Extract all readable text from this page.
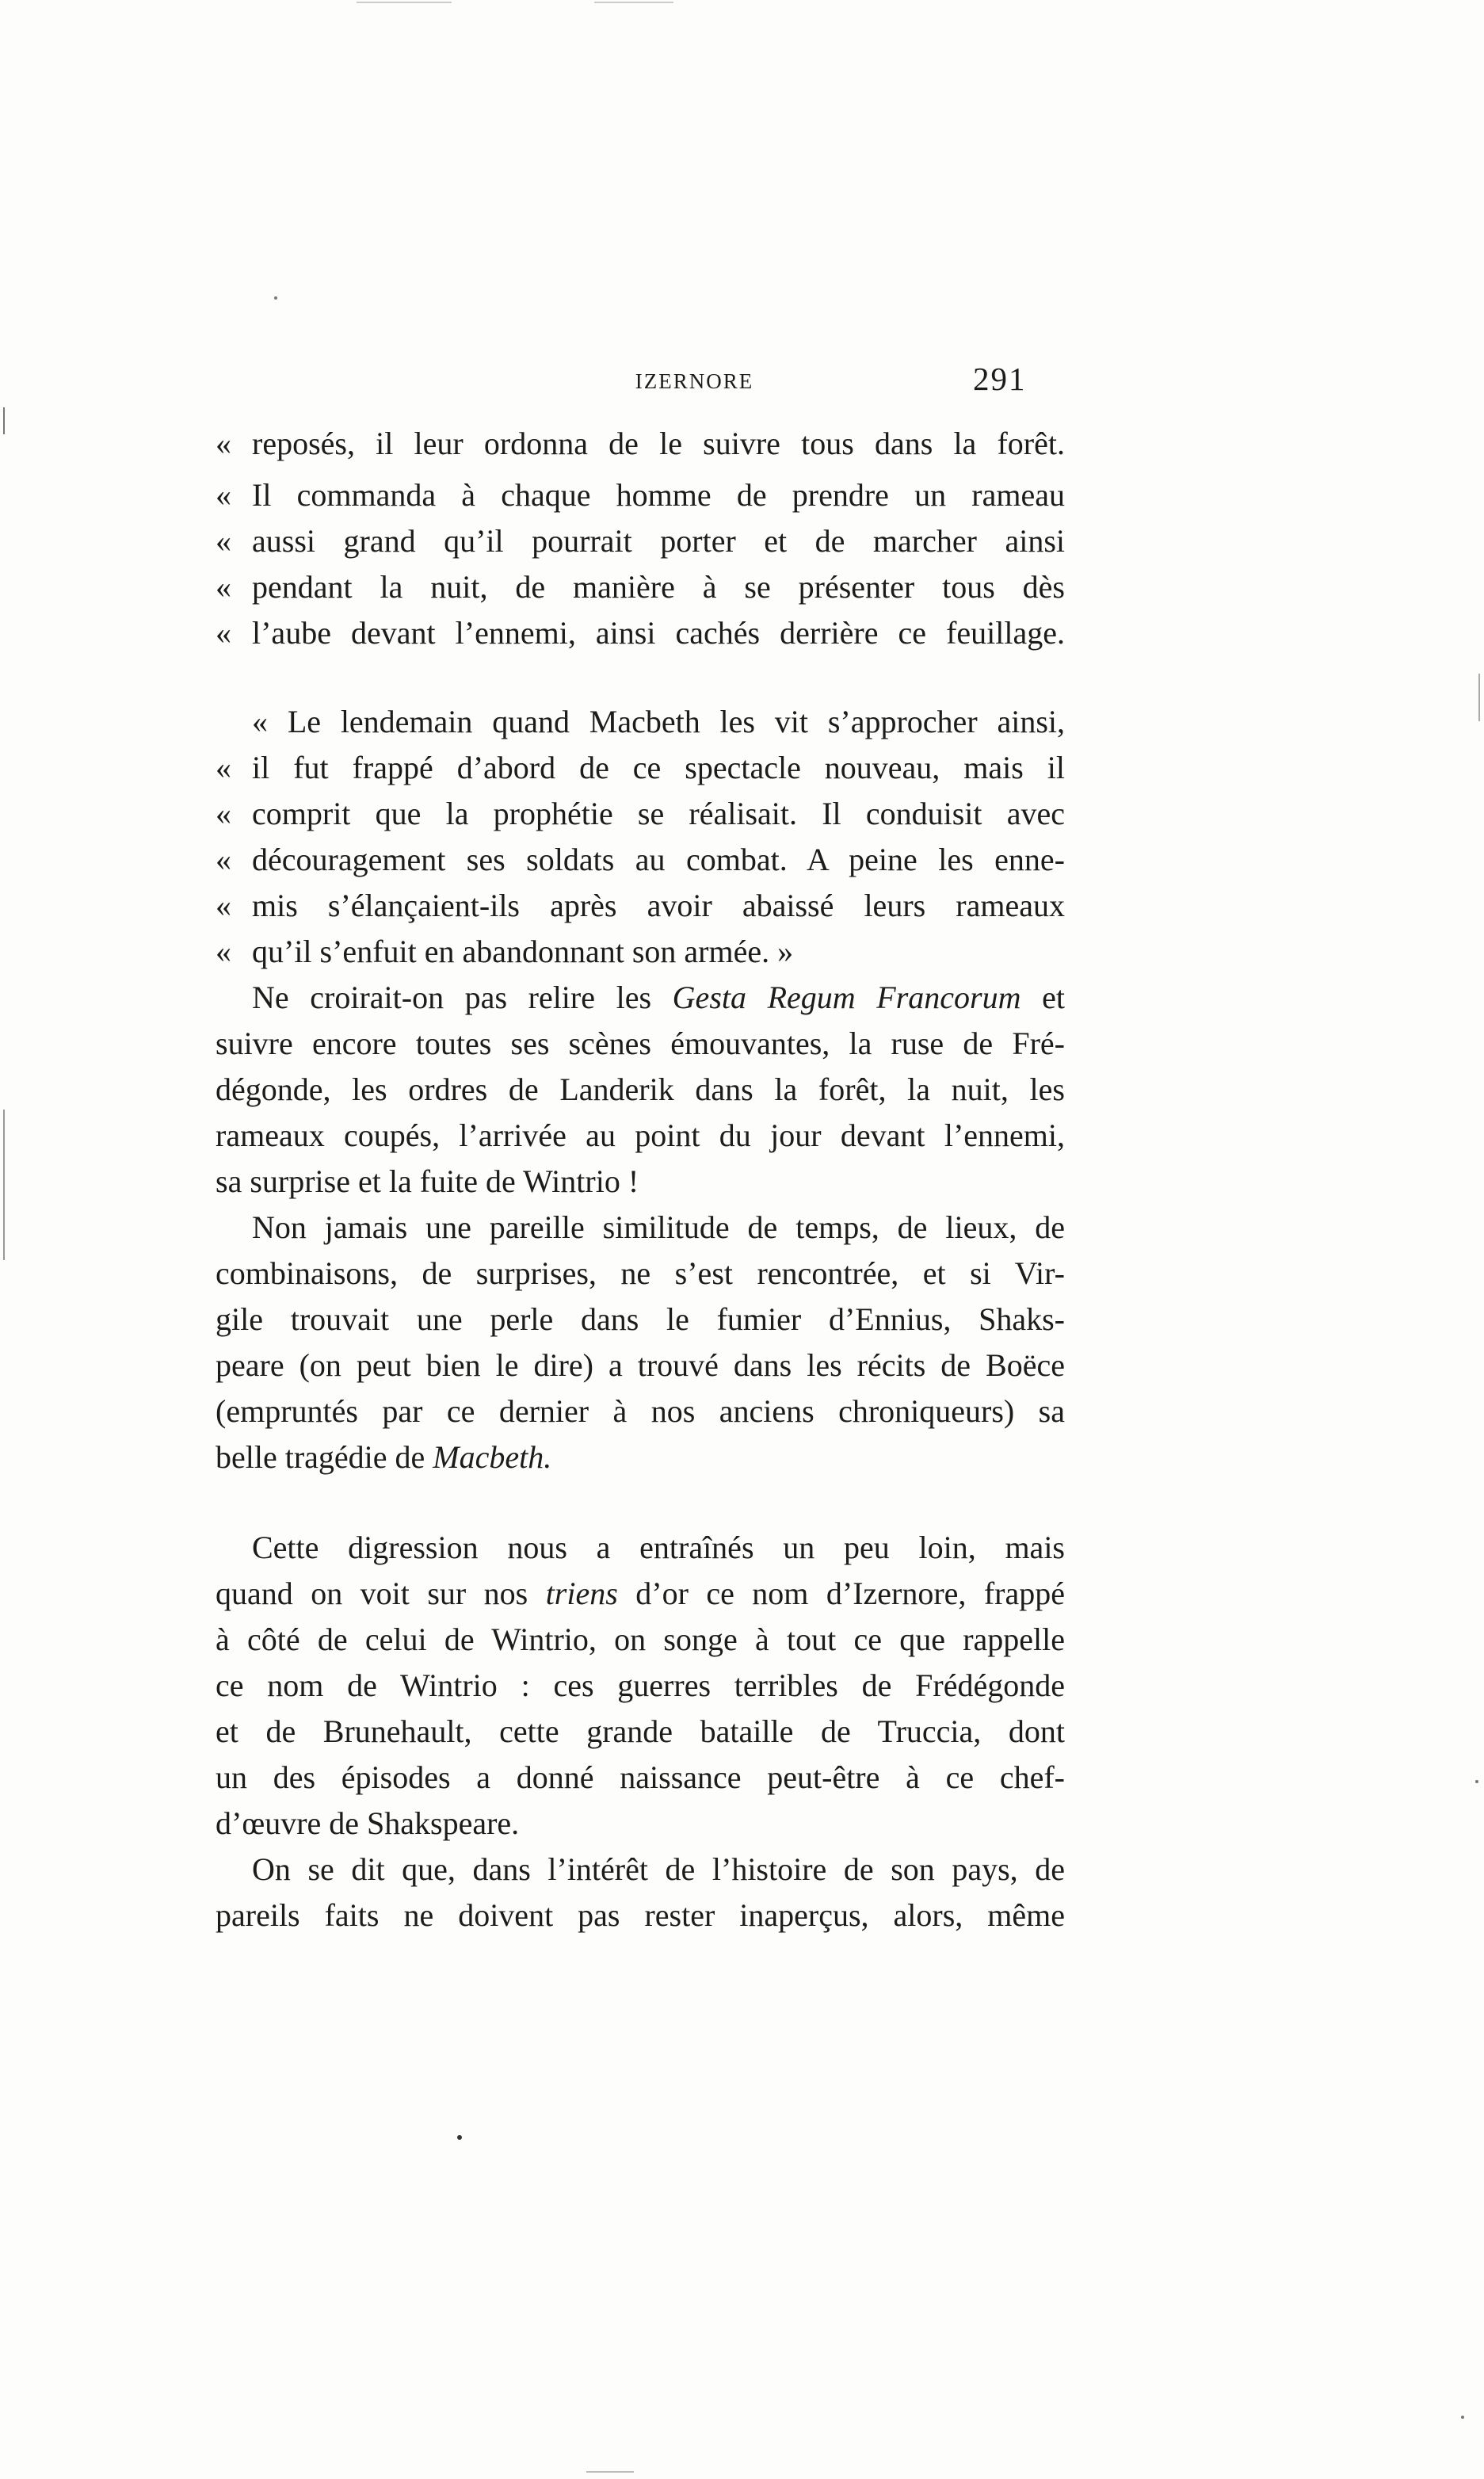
IZERNORE	291
« reposés, il leur ordonna de le suivre tous dans la forêt.
« Il commanda à chaque homme de prendre un rameau
« aussi grand qu’il pourrait porter et de marcher ainsi
« pendant la nuit, de manière à se présenter tous dès
« l’aube devant l’ennemi, ainsi cachés derrière ce feuillage.
« Le lendemain quand Macbeth les vit s’approcher ainsi,
« il fut frappé d’abord de ce spectacle nouveau, mais il
« comprit que la prophétie se réalisait. Il conduisit avec
« découragement ses soldats au combat. A peine les enne-
« mis s’élançaient-ils après avoir abaissé leurs rameaux
« qu’il s’enfuit en abandonnant son armée. »
Ne croirait-on pas relire les Gesta Regum Francorum et
suivre encore toutes ses scènes émouvantes, la ruse de Fré-
dégonde, les ordres de Landerik dans la forêt, la nuit, les
rameaux coupés, l’arrivée au point du jour devant l’ennemi,
sa surprise et la fuite de Wintrio !
Non jamais une pareille similitude de temps, de lieux, de
combinaisons, de surprises, ne s’est rencontrée, et si Vir-
gile trouvait une perle dans le fumier d’Ennius, Shaks-
peare (on peut bien le dire) a trouvé dans les récits de Boëce
(empruntés par ce dernier à nos anciens chroniqueurs) sa
belle tragédie de Macbeth.
Cette digression nous a entraînés un peu loin, mais
quand on voit sur nos triens d’or ce nom d’Izernore, frappé
à côté de celui de Wintrio, on songe à tout ce que rappelle
ce nom de Wintrio : ces guerres terribles de Frédégonde
et de Brunehault, cette grande bataille de Truccia, dont
un des épisodes a donné naissance peut-être à ce chef-
d’œuvre de Shakspeare.
On se dit que, dans l’intérêt de l’histoire de son pays, de
pareils faits ne doivent pas rester inaperçus, alors, même
